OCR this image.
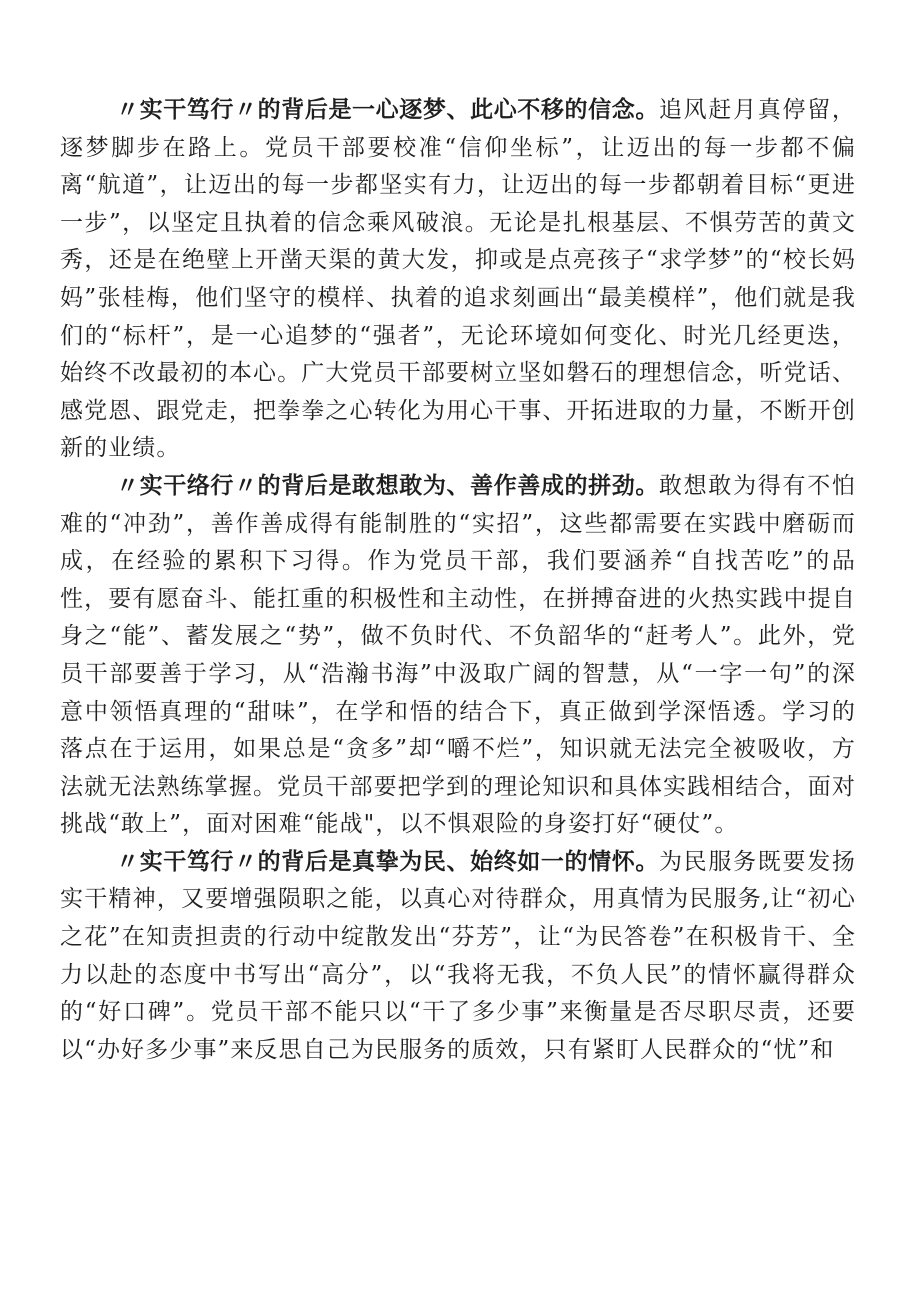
〃实干笃行〃的背后是一心逐梦、此心不移的信念。追风赶月真停留，逐梦脚步在路上。党员干部要校准“信仰坐标”，让迈出的每一步都不偏离“航道”，让迈出的每一步都坚实有力，让迈出的每一步都朝着目标“更进一步”，以坚定且执着的信念乘风破浪。无论是扎根基层、不惧劳苦的黄文秀，还是在绝壁上开凿天渠的黄大发，抑或是点亮孩子“求学梦”的“校长妈妈”张桂梅，他们坚守的模样、执着的追求刻画出“最美模样”，他们就是我们的“标杆”，是一心追梦的“强者”，无论环境如何变化、时光几经更迭，始终不改最初的本心。广大党员干部要树立坚如磐石的理想信念，听党话、感党恩、跟党走，把拳拳之心转化为用心干事、开拓进取的力量，不断开创新的业绩。

〃实干络行〃的背后是敢想敢为、善作善成的拼劲。敢想敢为得有不怕难的“冲劲”，善作善成得有能制胜的“实招”，这些都需要在实践中磨砺而成，在经验的累积下习得。作为党员干部，我们要涵养“自找苦吃”的品性，要有愿奋斗、能扛重的积极性和主动性，在拼搏奋进的火热实践中提自身之“能”、蓄发展之“势”，做不负时代、不负韶华的“赶考人”。此外，党员干部要善于学习，从“浩瀚书海”中汲取广阔的智慧，从“一字一句”的深意中领悟真理的“甜味”，在学和悟的结合下，真正做到学深悟透。学习的落点在于运用，如果总是“贪多”却“嚼不烂”，知识就无法完全被吸收，方法就无法熟练掌握。党员干部要把学到的理论知识和具体实践相结合，面对挑战“敢上”，面对困难“能战"，以不惧艰险的身姿打好“硬仗”。

〃实干笃行〃的背后是真挚为民、始终如一的情怀。为民服务既要发扬实干精神，又要增强陨职之能，以真心对待群众，用真情为民服务,让“初心之花”在知责担责的行动中绽散发出“芬芳”，让“为民答卷”在积极肯干、全力以赴的态度中书写出“高分”，以“我将无我，不负人民”的情怀赢得群众的“好口碑”。党员干部不能只以“干了多少事”来衡量是否尽职尽责，还要以“办好多少事”来反思自己为民服务的质效，只有紧盯人民群众的“忧”和
